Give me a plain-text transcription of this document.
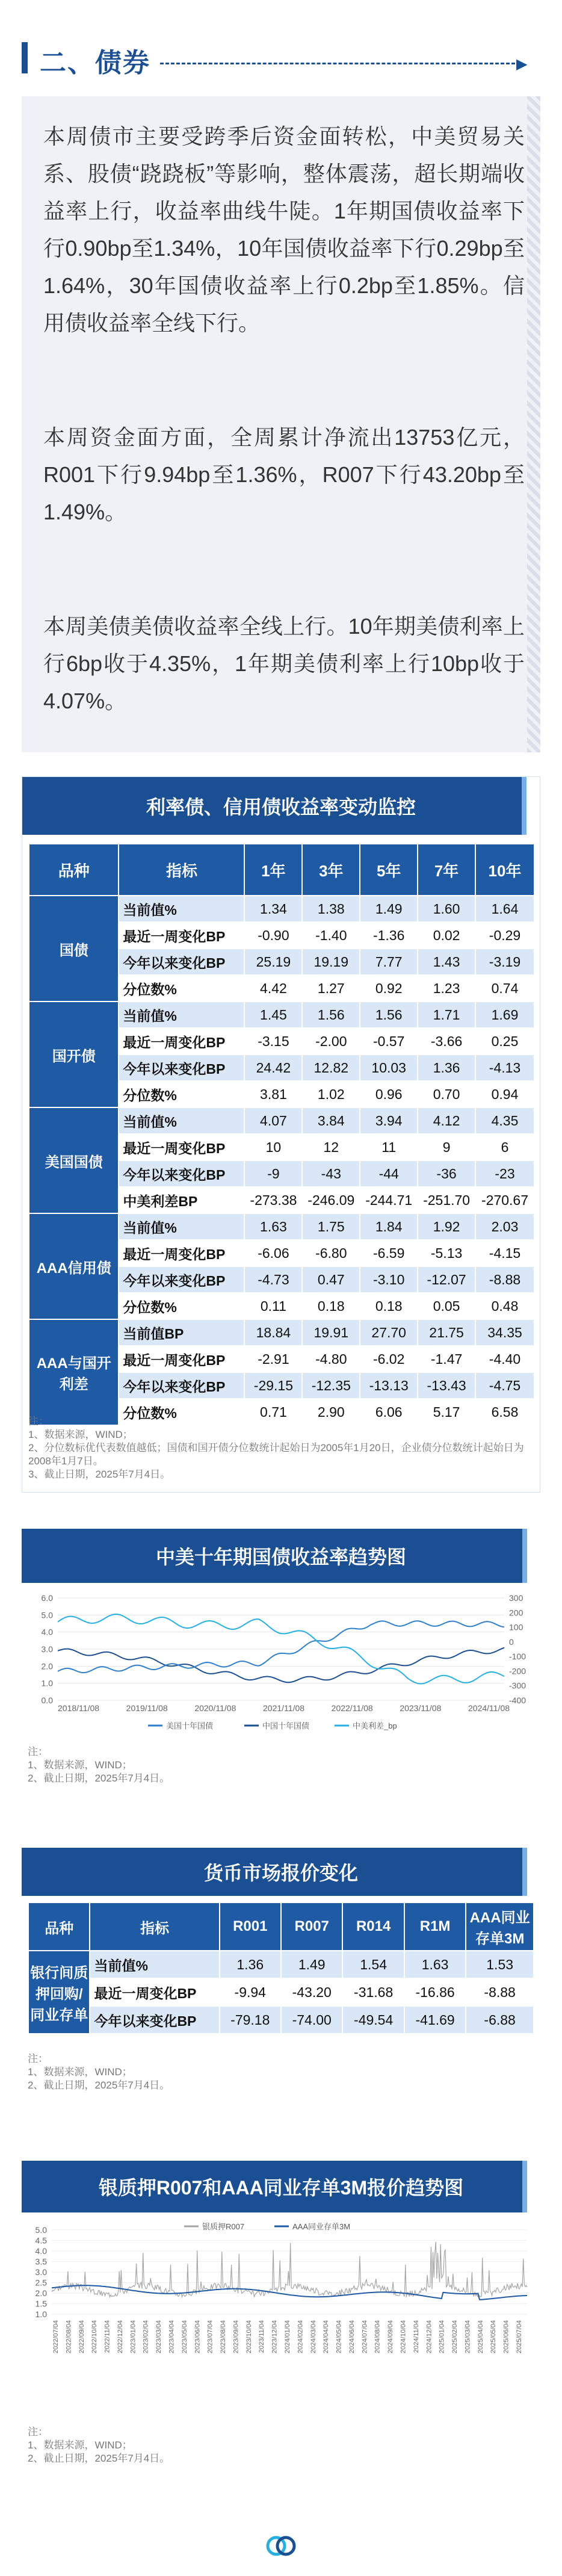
二、债券	▶
本周债市主要受跨季后资金面转松，中美贸易关系、股债“跷跷板”等影响，整体震荡，超长期端收益率上行，收益率曲线牛陡。1年期国债收益率下行0.90bp至1.34%，10年国债收益率下行0.29bp至1.64%，30年国债收益率上行0.2bp至1.85%。信用债收益率全线下行。
本周资金面方面，全周累计净流出13753亿元，R001下行9.94bp至1.36%，R007下行43.20bp至1.49%。
本周美债美债收益率全线上行。10年期美债利率上行6bp收于4.35%，1年期美债利率上行10bp收于4.07%。
利率债、信用债收益率变动监控
品种	指标	1年	3年	5年	7年	10年
国债	当前值%	1.34	1.38	1.49	1.60	1.64
	最近一周变化BP	-0.90	-1.40	-1.36	0.02	-0.29
	今年以来变化BP	25.19	19.19	7.77	1.43	-3.19
	分位数%	4.42	1.27	0.92	1.23	0.74
国开债	当前值%	1.45	1.56	1.56	1.71	1.69
	最近一周变化BP	-3.15	-2.00	-0.57	-3.66	0.25
	今年以来变化BP	24.42	12.82	10.03	1.36	-4.13
	分位数%	3.81	1.02	0.96	0.70	0.94
美国国债	当前值%	4.07	3.84	3.94	4.12	4.35
	最近一周变化BP	10	12	11	9	6
	今年以来变化BP	-9	-43	-44	-36	-23
	中美利差BP	-273.38	-246.09	-244.71	-251.70	-270.67
AAA信用债	当前值%	1.63	1.75	1.84	1.92	2.03
	最近一周变化BP	-6.06	-6.80	-6.59	-5.13	-4.15
	今年以来变化BP	-4.73	0.47	-3.10	-12.07	-8.88
	分位数%	0.11	0.18	0.18	0.05	0.48
AAA与国开利差	当前值BP	18.84	19.91	27.70	21.75	34.35
	最近一周变化BP	-2.91	-4.80	-6.02	-1.47	-4.40
	今年以来变化BP	-29.15	-12.35	-13.13	-13.43	-4.75
	分位数%	0.71	2.90	6.06	5.17	6.58
注：
1、数据来源，WIND；
2、分位数标优代表数值越低；国债和国开债分位数统计起始日为2005年1月20日，企业债分位数统计起始日为2008年1月7日。
3、截止日期，2025年7月4日。
中美十年期国债收益率趋势图
6.0
5.0
4.0
3.0
2.0
1.0
0.0
300
200
100
0
-100
-200
-300
-400
2018/11/08	2019/11/08	2020/11/08	2021/11/08	2022/11/08	2023/11/08	2024/11/08
美国十年国债	中国十年国债	中美利差_bp
注：
1、数据来源，WIND；
2、截止日期，2025年7月4日。
货币市场报价变化
品种	指标	R001	R007	R014	R1M	AAA同业存单3M
银行间质押回购/同业存单	当前值%	1.36	1.49	1.54	1.63	1.53
	最近一周变化BP	-9.94	-43.20	-31.68	-16.86	-8.88
	今年以来变化BP	-79.18	-74.00	-49.54	-41.69	-6.88
注：
1、数据来源，WIND；
2、截止日期，2025年7月4日。
银质押R007和AAA同业存单3M报价趋势图
5.0
4.5
4.0
3.5
3.0
2.5
2.0
1.5
1.0
2022/07/04 2022/08/04 2022/09/04 2022/10/04 2022/11/04 2022/12/04 2023/01/04 2023/02/04 2023/03/04 2023/04/04 2023/05/04 2023/06/04 2023/07/04 2023/08/04 2023/09/04 2023/10/04 2023/11/04 2023/12/04 2024/01/04 2024/02/04 2024/03/04 2024/04/04 2024/05/04 2024/06/04 2024/07/04 2024/08/04 2024/09/04 2024/10/04 2024/11/04 2024/12/04 2025/01/04 2025/02/04 2025/03/04 2025/04/04 2025/05/04 2025/06/04 2025/07/04
银质押R007	AAA同业存单3M
注：
1、数据来源，WIND；
2、截止日期，2025年7月4日。
